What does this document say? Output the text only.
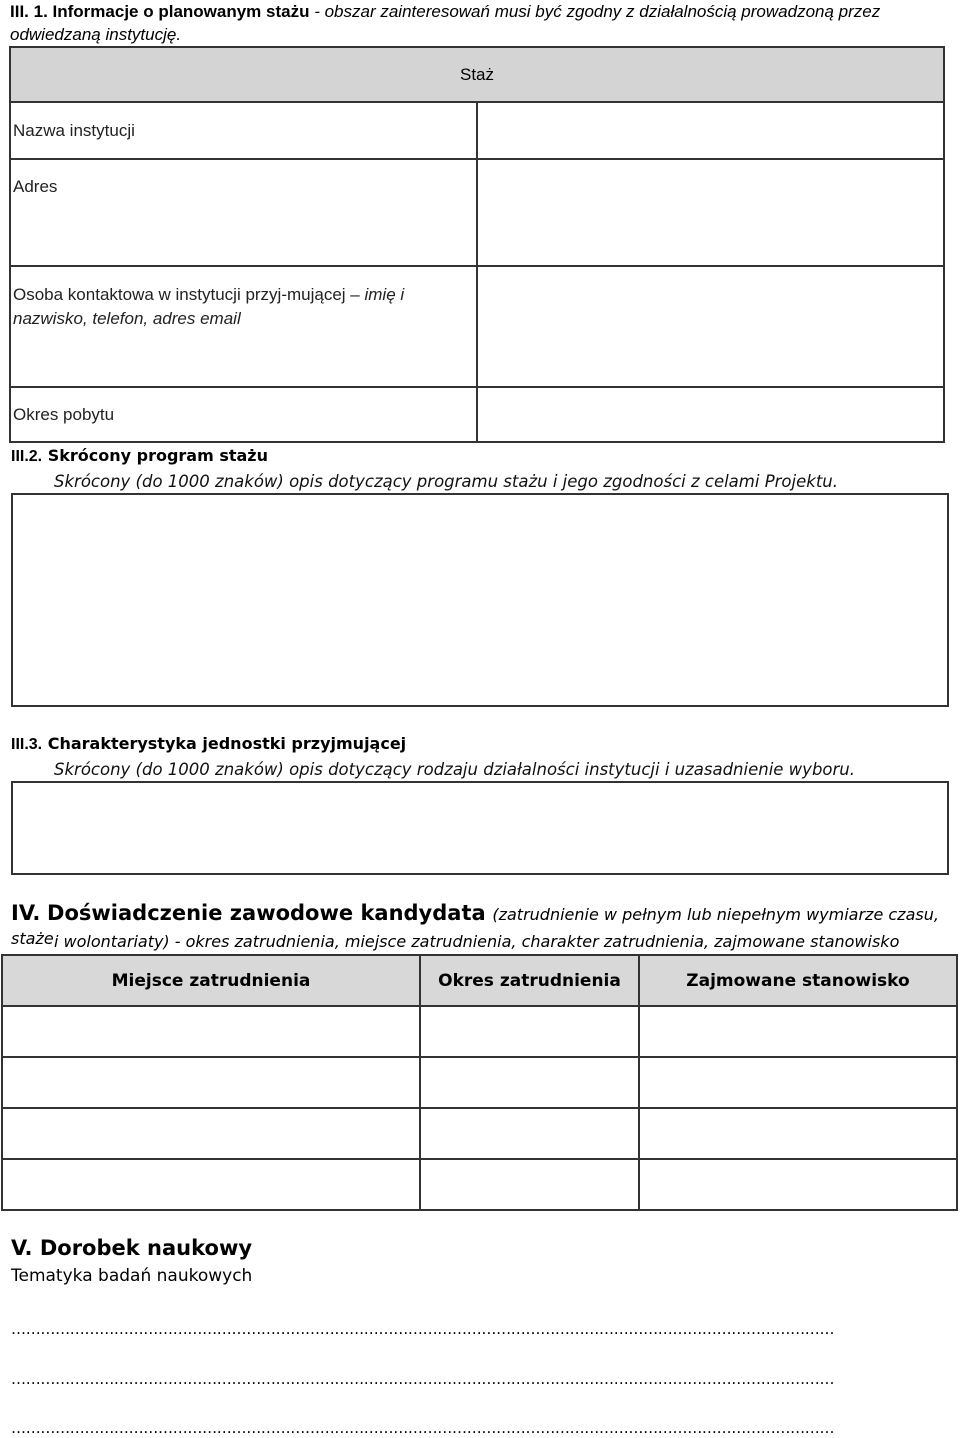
III. 1. Informacje o planowanym stażu - obszar zainteresowań musi być zgodny z działalnością prowadzoną przez odwiedzaną instytucję.
Staż	
Nazwa instytucji	
Adres	
Osoba kontaktowa w instytucji przyj-mującej – imię i nazwisko, telefon, adres email	
Okres pobytu	
III.2. Skrócony program stażu
Skrócony (do 1000 znaków) opis dotyczący programu stażu i jego zgodności z celami Projektu.
III.3. Charakterystyka jednostki przyjmującej
Skrócony (do 1000 znaków) opis dotyczący rodzaju działalności instytucji i uzasadnienie wyboru.
IV. Doświadczenie zawodowe kandydata (zatrudnienie w pełnym lub niepełnym wymiarze czasu, staże i wolontariaty) - okres zatrudnienia, miejsce zatrudnienia, charakter zatrudnienia, zajmowane stanowisko
Miejsce zatrudnienia	Okres zatrudnienia	Zajmowane stanowisko

V. Dorobek naukowy
Tematyka badań naukowych
……………………………………………………………………………………………………………………………………………………
……………………………………………………………………………………………………………………………………………………
……………………………………………………………………………………………………………………………………………………
